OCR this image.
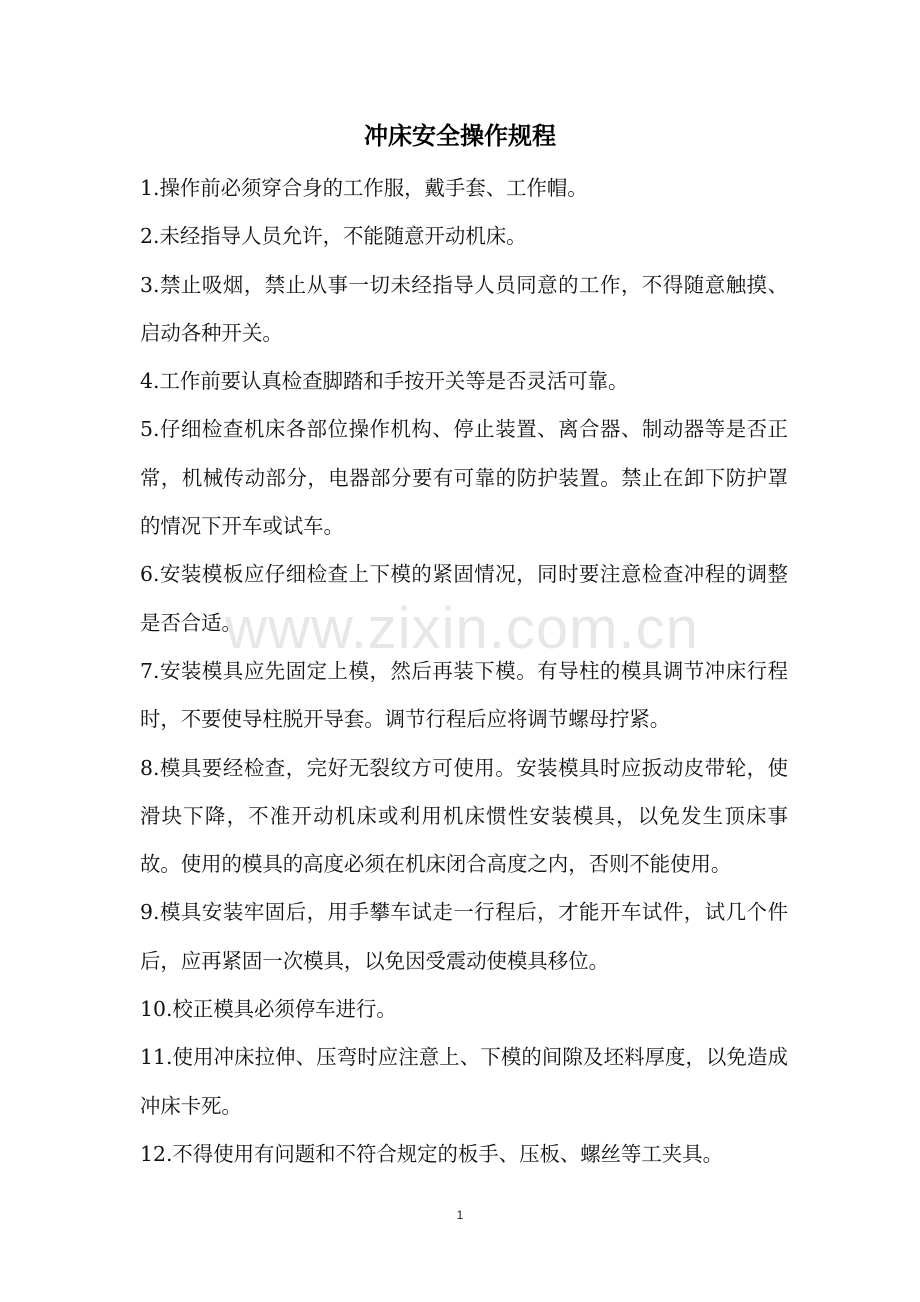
冲床安全操作规程

1.操作前必须穿合身的工作服，戴手套、工作帽。

2.未经指导人员允许，不能随意开动机床。

3.禁止吸烟，禁止从事一切未经指导人员同意的工作，不得随意触摸、启动各种开关。

4.工作前要认真检查脚踏和手按开关等是否灵活可靠。

5.仔细检查机床各部位操作机构、停止装置、离合器、制动器等是否正常，机械传动部分，电器部分要有可靠的防护装置。禁止在卸下防护罩的情况下开车或试车。

6.安装模板应仔细检查上下模的紧固情况，同时要注意检查冲程的调整是否合适。

7.安装模具应先固定上模，然后再装下模。有导柱的模具调节冲床行程时，不要使导柱脱开导套。调节行程后应将调节螺母拧紧。

8.模具要经检查，完好无裂纹方可使用。安装模具时应扳动皮带轮，使滑块下降，不准开动机床或利用机床惯性安装模具，以免发生顶床事故。使用的模具的高度必须在机床闭合高度之内，否则不能使用。

9.模具安装牢固后，用手攀车试走一行程后，才能开车试件，试几个件后，应再紧固一次模具，以免因受震动使模具移位。

10.校正模具必须停车进行。

11.使用冲床拉伸、压弯时应注意上、下模的间隙及坯料厚度，以免造成冲床卡死。

12.不得使用有问题和不符合规定的板手、压板、螺丝等工夹具。

www.zixin.com.cn
1
